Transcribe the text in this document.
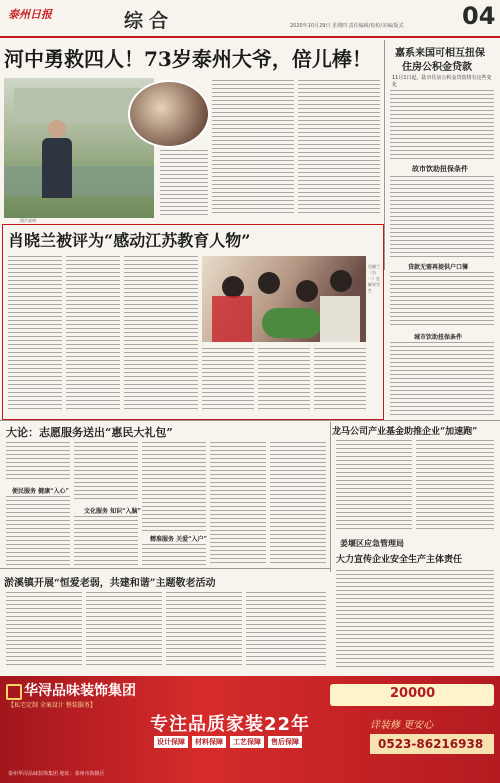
泰州日报	综合	2020年10月29日 星期四 责任编辑/校检/美编/版式 04
河中勇救四人！73岁泰州大爷，倍儿棒！
图片说明
嘉系来国可相互扭保
住房公积金贷款
11月1日起，陆市住房公积金贷款将有这些变化
故市饮助扭保条件
肖晓兰被评为“感动江苏教育人物”
肖晓兰（右一）在辅导学生
贷款无需再提供户口簿
城市饮助扭保条件
大论：志愿服务送出“惠民大礼包”	龙马公司产业基金助推企业“加速跑”
便民服务 健康“入心”
文化服务 知识“入脑”
精准服务 关爱“入户”	姜堰区应急管理局
大力宣传企业安全生产主体责任
淤溪镇开展“恒爱老弱，共建和谐”主题敬老活动
华浔品味装饰集团
【私宅定制 全案设计 整装服务】
20000
专注品质家装22年	详装修 更安心
设计保障	材料保障	工艺保障	售后保障	0523-86216938
泰州华浔品味装饰集团 地址：泰州市海陵区
